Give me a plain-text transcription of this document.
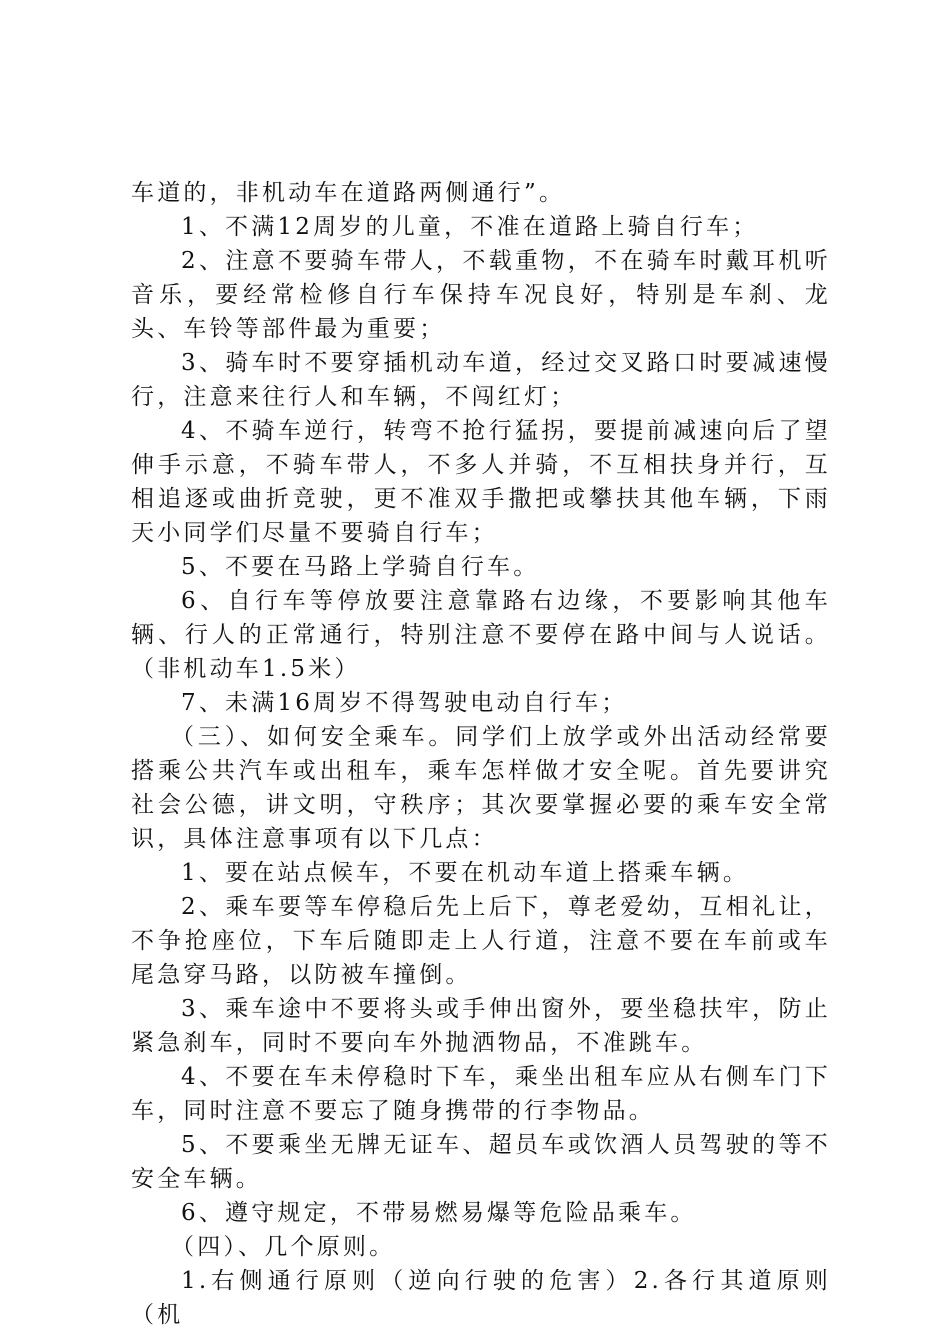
车道的，非机动车在道路两侧通行”。

1、不满12周岁的儿童，不准在道路上骑自行车；

2、注意不要骑车带人，不载重物，不在骑车时戴耳机听音乐，要经常检修自行车保持车况良好，特别是车刹、龙头、车铃等部件最为重要；

3、骑车时不要穿插机动车道，经过交叉路口时要减速慢行，注意来往行人和车辆，不闯红灯；

4、不骑车逆行，转弯不抢行猛拐，要提前减速向后了望伸手示意，不骑车带人，不多人并骑，不互相扶身并行，互相追逐或曲折竞驶，更不准双手撒把或攀扶其他车辆，下雨天小同学们尽量不要骑自行车；

5、不要在马路上学骑自行车。

6、自行车等停放要注意靠路右边缘，不要影响其他车辆、行人的正常通行，特别注意不要停在路中间与人说话。（非机动车1.5米）

7、未满16周岁不得驾驶电动自行车；

（三）、如何安全乘车。同学们上放学或外出活动经常要搭乘公共汽车或出租车，乘车怎样做才安全呢。首先要讲究社会公德，讲文明，守秩序；其次要掌握必要的乘车安全常识，具体注意事项有以下几点：

1、要在站点候车，不要在机动车道上搭乘车辆。

2、乘车要等车停稳后先上后下，尊老爱幼，互相礼让，不争抢座位，下车后随即走上人行道，注意不要在车前或车尾急穿马路，以防被车撞倒。

3、乘车途中不要将头或手伸出窗外，要坐稳扶牢，防止紧急刹车，同时不要向车外抛洒物品，不准跳车。

4、不要在车未停稳时下车，乘坐出租车应从右侧车门下车，同时注意不要忘了随身携带的行李物品。

5、不要乘坐无牌无证车、超员车或饮酒人员驾驶的等不安全车辆。

6、遵守规定，不带易燃易爆等危险品乘车。

（四）、几个原则。

1.右侧通行原则（逆向行驶的危害）2.各行其道原则（机
